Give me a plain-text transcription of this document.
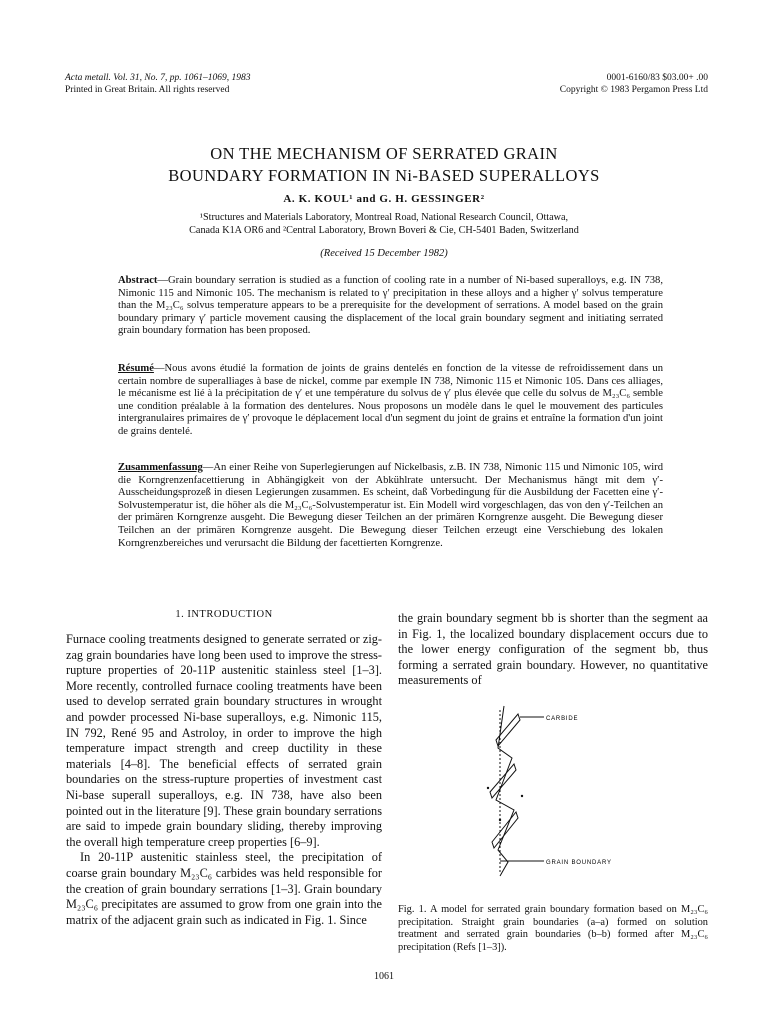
Acta metall. Vol. 31, No. 7, pp. 1061–1069, 1983
Printed in Great Britain. All rights reserved
0001-6160/83 $03.00+ .00
Copyright © 1983 Pergamon Press Ltd
ON THE MECHANISM OF SERRATED GRAIN
BOUNDARY FORMATION IN Ni-BASED SUPERALLOYS
A. K. KOUL¹ and G. H. GESSINGER²
¹Structures and Materials Laboratory, Montreal Road, National Research Council, Ottawa,
Canada K1A OR6 and ²Central Laboratory, Brown Boveri & Cie, CH-5401 Baden, Switzerland
(Received 15 December 1982)
Abstract—Grain boundary serration is studied as a function of cooling rate in a number of Ni-based superalloys, e.g. IN 738, Nimonic 115 and Nimonic 105. The mechanism is related to γ′ precipitation in these alloys and a higher γ′ solvus temperature than the M₂₃C₆ solvus temperature appears to be a prerequisite for the development of serrations. A model based on the grain boundary primary γ′ particle movement causing the displacement of the local grain boundary segment and initiating serrated grain boundary formation has been proposed.
Résumé—Nous avons étudié la formation de joints de grains dentelés en fonction de la vitesse de refroidissement dans un certain nombre de superalliages à base de nickel, comme par exemple IN 738, Nimonic 115 et Nimonic 105. Dans ces alliages, le mécanisme est lié à la précipitation de γ′ et une température du solvus de γ′ plus élevée que celle du solvus de M₂₃C₆ semble une condition préalable à la formation des dentelures. Nous proposons un modèle dans le quel le mouvement des particules intergranulaires primaires de γ′ provoque le déplacement local d'un segment du joint de grains et entraîne la formation d'un joint de grains dentelé.
Zusammenfassung—An einer Reihe von Superlegierungen auf Nickelbasis, z.B. IN 738, Nimonic 115 und Nimonic 105, wird die Korngrenzenfacettierung in Abhängigkeit von der Abkühlrate untersucht. Der Mechanismus hängt mit dem γ′-Ausscheidungsprozeß in diesen Legierungen zusammen. Es scheint, daß Vorbedingung für die Ausbildung der Facetten eine γ′-Solvustemperatur ist, die höher als die M₂₃C₆-Solvustemperatur ist. Ein Modell wird vorgeschlagen, das von den γ′-Teilchen an der primären Korngrenze ausgeht. Die Bewegung dieser Teilchen an der primären Korngrenze ausgeht. Die Bewegung dieser Teilchen an der primären Korngrenze ausgeht. Die Bewegung dieser Teilchen erzeugt eine Verschiebung des lokalen Korngrenzbereiches und verursacht die Bildung der facettierten Korngrenze.
1. INTRODUCTION

Furnace cooling treatments designed to generate serrated or zig-zag grain boundaries have long been used to improve the stress-rupture properties of 20-11P austenitic stainless steel [1–3]. More recently, controlled furnace cooling treatments have been used to develop serrated grain boundary structures in wrought and powder processed Ni-base superalloys, e.g. Nimonic 115, IN 792, René 95 and Astroloy, in order to improve the high temperature impact strength and creep ductility in these materials [4–8]. The beneficial effects of serrated grain boundaries on the stress-rupture properties of investment cast Ni-base superall superalloys, e.g. IN 738, have also been pointed out in the literature [9]. These grain boundary serrations are said to impede grain boundary sliding, thereby improving the overall high temperature creep properties [6–9].

In 20-11P austenitic stainless steel, the precipitation of coarse grain boundary M₂₃C₆ carbides was held responsible for the creation of grain boundary serrations [1–3]. Grain boundary M₂₃C₆ precipitates are assumed to grow from one grain into the matrix of the adjacent grain such as indicated in Fig. 1. Since

the grain boundary segment bb is shorter than the segment aa in Fig. 1, the localized boundary displacement occurs due to the lower energy configuration of the segment bb, thus forming a serrated grain boundary. However, no quantitative measurements of
CARBIDE
GRAIN BOUNDARY
Fig. 1. A model for serrated grain boundary formation based on M₂₃C₆ precipitation. Straight grain boundaries (a–a) formed on solution treatment and serrated grain boundaries (b–b) formed after M₂₃C₆ precipitation (Refs [1–3]).
1061
